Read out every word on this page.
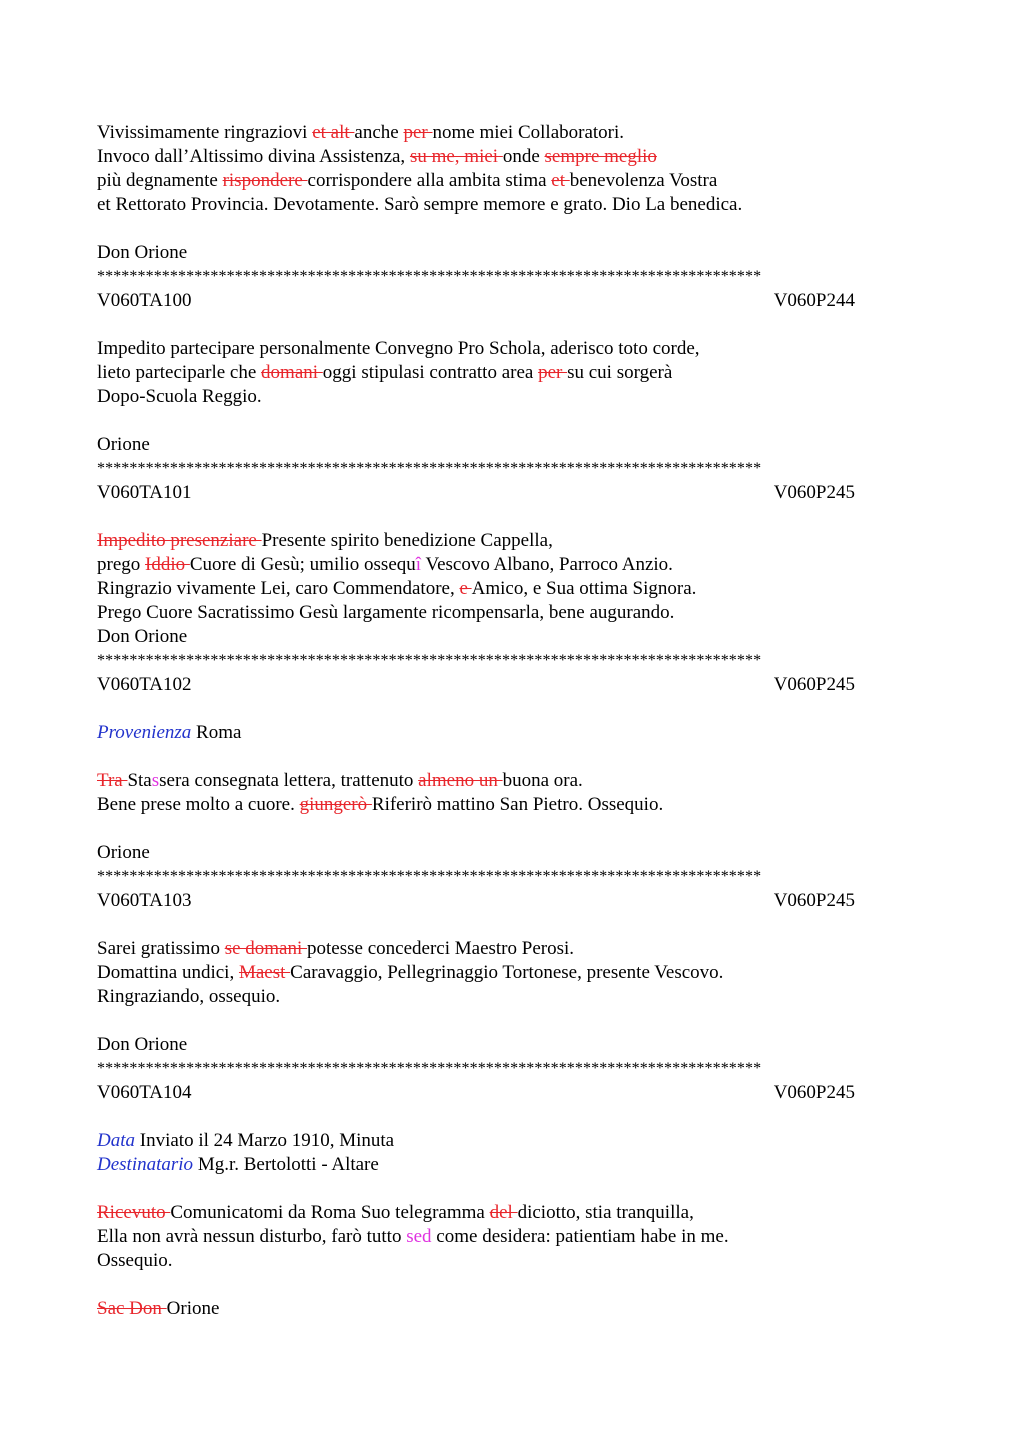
Vivissimamente ringraziovi et alt anche per nome miei Collaboratori.
Invoco dall’Altissimo divina Assistenza, su me, miei onde sempre meglio
più degnamente rispondere corrispondere alla ambita stima et benevolenza Vostra
et Rettorato Provincia. Devotamente. Sarò sempre memore e grato. Dio La benedica.
Don Orione
**********************************************************************************
V060TA100	V060P244
Impedito partecipare personalmente Convegno Pro Schola, aderisco toto corde,
lieto parteciparle che domani oggi stipulasi contratto area per su cui sorgerà
Dopo-Scuola Reggio.
Orione
**********************************************************************************
V060TA101	V060P245
Impedito presenziare Presente spirito benedizione Cappella,
prego Iddio Cuore di Gesù; umilio ossequî Vescovo Albano, Parroco Anzio.
Ringrazio vivamente Lei, caro Commendatore, e Amico, e Sua ottima Signora.
Prego Cuore Sacratissimo Gesù largamente ricompensarla, bene augurando.
Don Orione
**********************************************************************************
V060TA102	V060P245
Provenienza Roma
Tra Stassera consegnata lettera, trattenuto almeno un buona ora.
Bene prese molto a cuore. giungerò Riferirò mattino San Pietro. Ossequio.
Orione
**********************************************************************************
V060TA103	V060P245
Sarei gratissimo se domani potesse concederci Maestro Perosi.
Domattina undici, Maest Caravaggio, Pellegrinaggio Tortonese, presente Vescovo.
Ringraziando, ossequio.
Don Orione
**********************************************************************************
V060TA104	V060P245
Data Inviato il 24 Marzo 1910, Minuta
Destinatario Mg.r. Bertolotti - Altare
Ricevuto Comunicatomi da Roma Suo telegramma del diciotto, stia tranquilla,
Ella non avrà nessun disturbo, farò tutto sed come desidera: patientiam habe in me.
Ossequio.
Sac Don Orione
